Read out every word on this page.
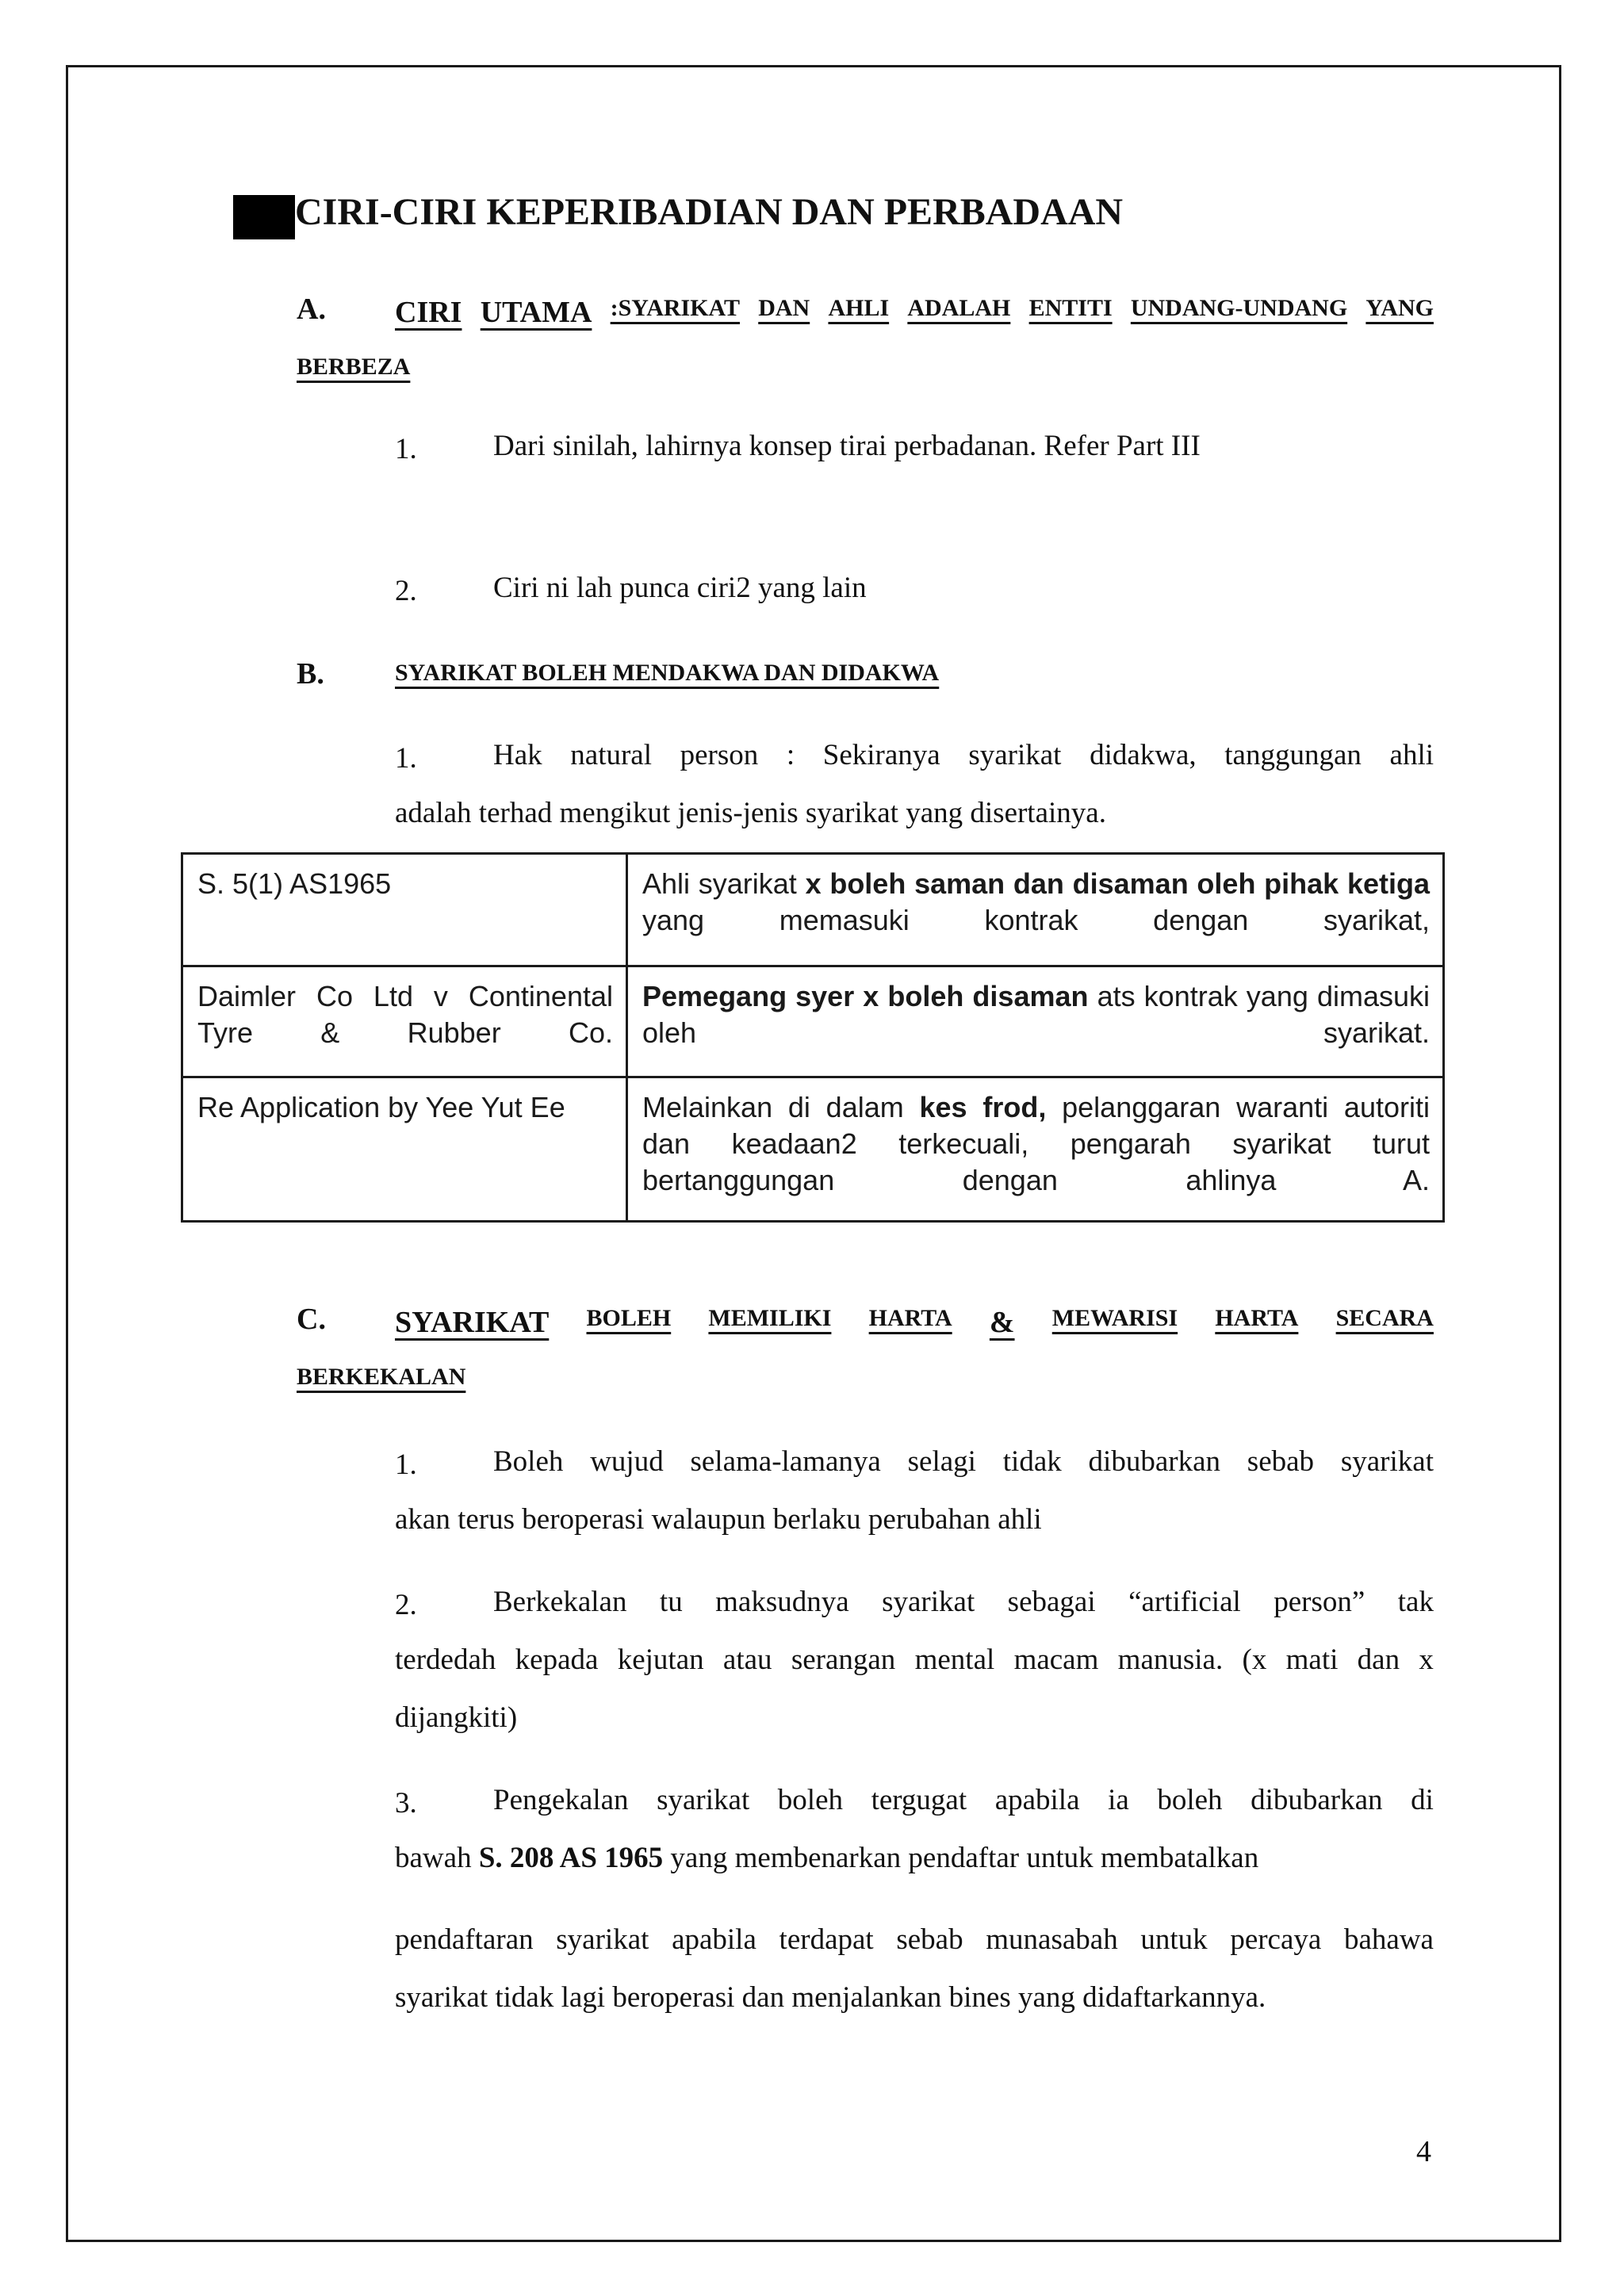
CIRI-CIRI KEPERIBADIAN DAN PERBADAAN
A. CIRI UTAMA :SYARIKAT DAN AHLI ADALAH ENTITI UNDANG-UNDANG YANG
BERBEZA
1.	Dari sinilah, lahirnya konsep tirai perbadanan. Refer Part III
2.	Ciri ni lah punca ciri2 yang lain
B.	SYARIKAT BOLEH MENDAKWA DAN DIDAKWA
1.	Hak natural person : Sekiranya syarikat didakwa, tanggungan ahli
adalah terhad mengikut jenis-jenis syarikat yang disertainya.
S. 5(1) AS1965	Ahli syarikat x boleh saman dan disaman oleh pihak ketiga yang memasuki kontrak dengan syarikat,
Daimler Co Ltd v Continental Tyre & Rubber Co.	Pemegang syer x boleh disaman ats kontrak yang dimasuki oleh syarikat.
Re Application by Yee Yut Ee	Melainkan di dalam kes frod, pelanggaran waranti autoriti dan keadaan2 terkecuali, pengarah syarikat turut bertanggungan dengan ahlinya A.
C. SYARIKAT BOLEH MEMILIKI HARTA & MEWARISI HARTA SECARA
BERKEKALAN
1.	Boleh wujud selama-lamanya selagi tidak dibubarkan sebab syarikat
akan terus beroperasi walaupun berlaku perubahan ahli
2.	Berkekalan tu maksudnya syarikat sebagai “artificial person” tak
terdedah kepada kejutan atau serangan mental macam manusia. (x mati dan x
dijangkiti)
3.	Pengekalan syarikat boleh tergugat apabila ia boleh dibubarkan di
bawah S. 208 AS 1965 yang membenarkan pendaftar untuk membatalkan
pendaftaran syarikat apabila terdapat sebab munasabah untuk percaya bahawa
syarikat tidak lagi beroperasi dan menjalankan bines yang didaftarkannya.
4
